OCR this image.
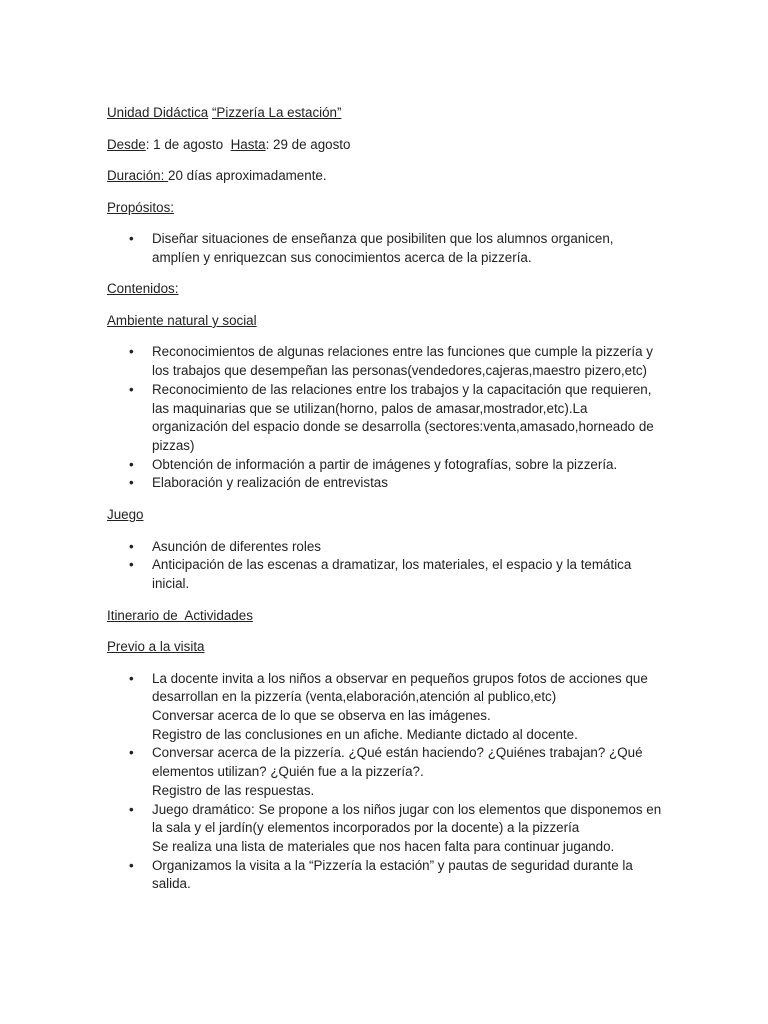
Unidad Didáctica “Pizzería La estación”

Desde: 1 de agosto Hasta: 29 de agosto

Duración: 20 días aproximadamente.

Propósitos:

• Diseñar situaciones de enseñanza que posibiliten que los alumnos organicen, amplíen y enriquezcan sus conocimientos acerca de la pizzería.

Contenidos:

Ambiente natural y social

• Reconocimientos de algunas relaciones entre las funciones que cumple la pizzería y los trabajos que desempeñan las personas(vendedores,cajeras,maestro pizero,etc)
• Reconocimiento de las relaciones entre los trabajos y la capacitación que requieren, las maquinarias que se utilizan(horno, palos de amasar,mostrador,etc).La organización del espacio donde se desarrolla (sectores:venta,amasado,horneado de pizzas)
• Obtención de información a partir de imágenes y fotografías, sobre la pizzería.
• Elaboración y realización de entrevistas

Juego

• Asunción de diferentes roles
• Anticipación de las escenas a dramatizar, los materiales, el espacio y la temática inicial.

Itinerario de  Actividades

Previo a la visita

• La docente invita a los niños a observar en pequeños grupos fotos de acciones que desarrollan en la pizzería (venta,elaboración,atención al publico,etc)
Conversar acerca de lo que se observa en las imágenes.
Registro de las conclusiones en un afiche. Mediante dictado al docente.
• Conversar acerca de la pizzería. ¿Qué están haciendo? ¿Quiénes trabajan? ¿Qué elementos utilizan? ¿Quién fue a la pizzería?.
Registro de las respuestas.
• Juego dramático: Se propone a los niños jugar con los elementos que disponemos en la sala y el jardín(y elementos incorporados por la docente) a la pizzería
Se realiza una lista de materiales que nos hacen falta para continuar jugando.
• Organizamos la visita a la “Pizzería la estación” y pautas de seguridad durante la salida.
